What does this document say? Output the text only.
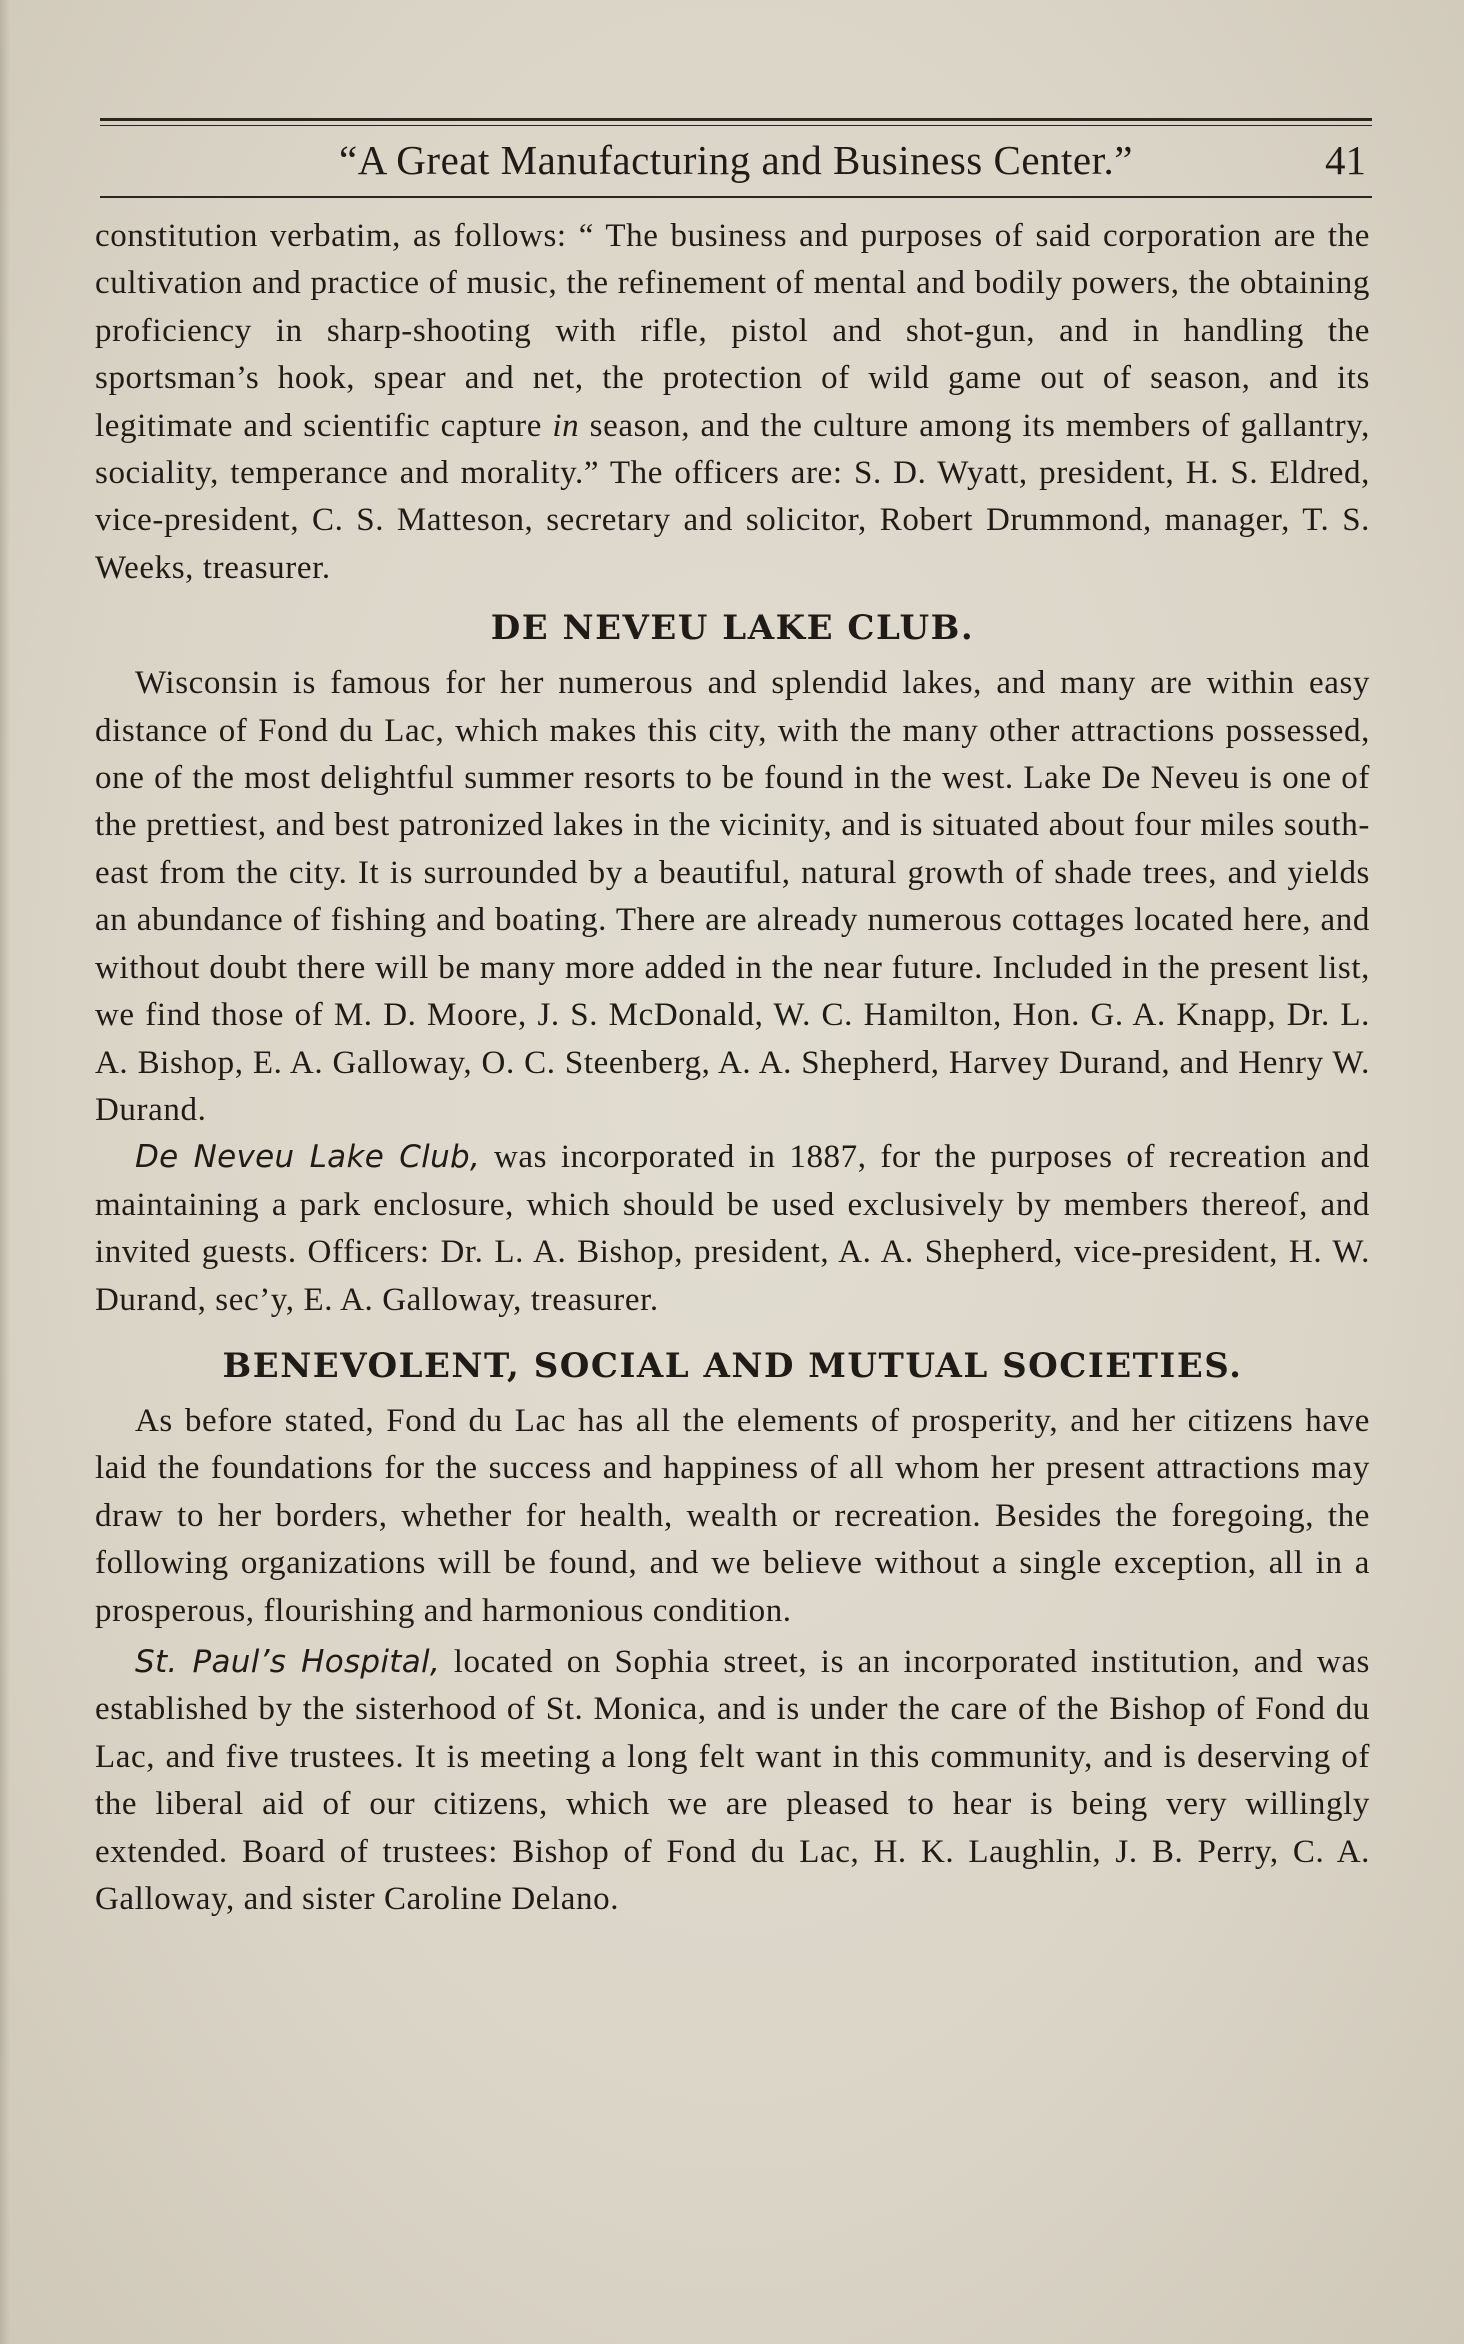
“A Great Manufacturing and Business Center.”	41

constitution verbatim, as follows: “ The business and purposes of said corporation are the cultivation and practice of music, the refinement of mental and bodily powers, the obtaining proficiency in sharp-shooting with rifle, pistol and shot-gun, and in handling the sportsman’s hook, spear and net, the protection of wild game out of season, and its legitimate and scientific capture in season, and the culture among its members of gallantry, sociality, temperance and morality.” The officers are: S. D. Wyatt, president, H. S. Eldred, vice-president, C. S. Matteson, secretary and solicitor, Robert Drummond, manager, T. S. Weeks, treasurer.

DE NEVEU LAKE CLUB.

Wisconsin is famous for her numerous and splendid lakes, and many are within easy distance of Fond du Lac, which makes this city, with the many other attractions possessed, one of the most delightful summer resorts to be found in the west. Lake De Neveu is one of the prettiest, and best patronized lakes in the vicinity, and is situated about four miles south-east from the city. It is surrounded by a beautiful, natural growth of shade trees, and yields an abundance of fishing and boating. There are already numerous cottages located here, and without doubt there will be many more added in the near future. Included in the present list, we find those of M. D. Moore, J. S. McDonald, W. C. Hamilton, Hon. G. A. Knapp, Dr. L. A. Bishop, E. A. Galloway, O. C. Steenberg, A. A. Shepherd, Harvey Durand, and Henry W. Durand.

De Neveu Lake Club, was incorporated in 1887, for the purposes of recreation and maintaining a park enclosure, which should be used exclusively by members thereof, and invited guests. Officers: Dr. L. A. Bishop, president, A. A. Shepherd, vice-president, H. W. Durand, sec’y, E. A. Galloway, treasurer.

BENEVOLENT, SOCIAL AND MUTUAL SOCIETIES.

As before stated, Fond du Lac has all the elements of prosperity, and her citizens have laid the foundations for the success and happiness of all whom her present attractions may draw to her borders, whether for health, wealth or recreation. Besides the foregoing, the following organizations will be found, and we believe without a single exception, all in a prosperous, flourishing and harmonious condition.

St. Paul’s Hospital, located on Sophia street, is an incorporated institution, and was established by the sisterhood of St. Monica, and is under the care of the Bishop of Fond du Lac, and five trustees. It is meeting a long felt want in this community, and is deserving of the liberal aid of our citizens, which we are pleased to hear is being very willingly extended. Board of trustees: Bishop of Fond du Lac, H. K. Laughlin, J. B. Perry, C. A. Galloway, and sister Caroline Delano.
